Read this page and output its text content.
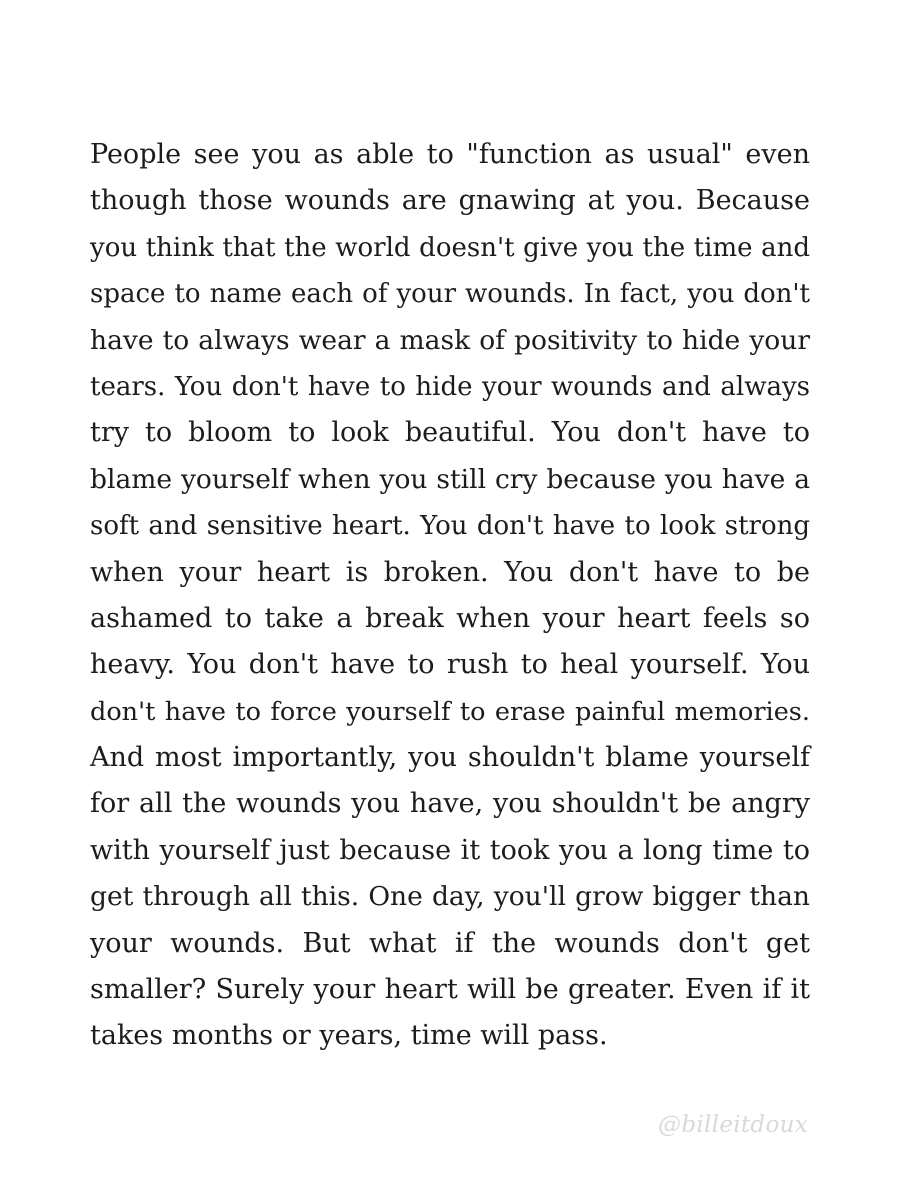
People see you as able to "function as usual" even
though those wounds are gnawing at you. Because
you think that the world doesn't give you the time and
space to name each of your wounds. In fact, you don't
have to always wear a mask of positivity to hide your
tears. You don't have to hide your wounds and always
try to bloom to look beautiful. You don't have to
blame yourself when you still cry because you have a
soft and sensitive heart. You don't have to look strong
when your heart is broken. You don't have to be
ashamed to take a break when your heart feels so
heavy. You don't have to rush to heal yourself. You
don't have to force yourself to erase painful memories.
And most importantly, you shouldn't blame yourself
for all the wounds you have, you shouldn't be angry
with yourself just because it took you a long time to
get through all this. One day, you'll grow bigger than
your wounds. But what if the wounds don't get
smaller? Surely your heart will be greater. Even if it
takes months or years, time will pass.

@billeitdoux
